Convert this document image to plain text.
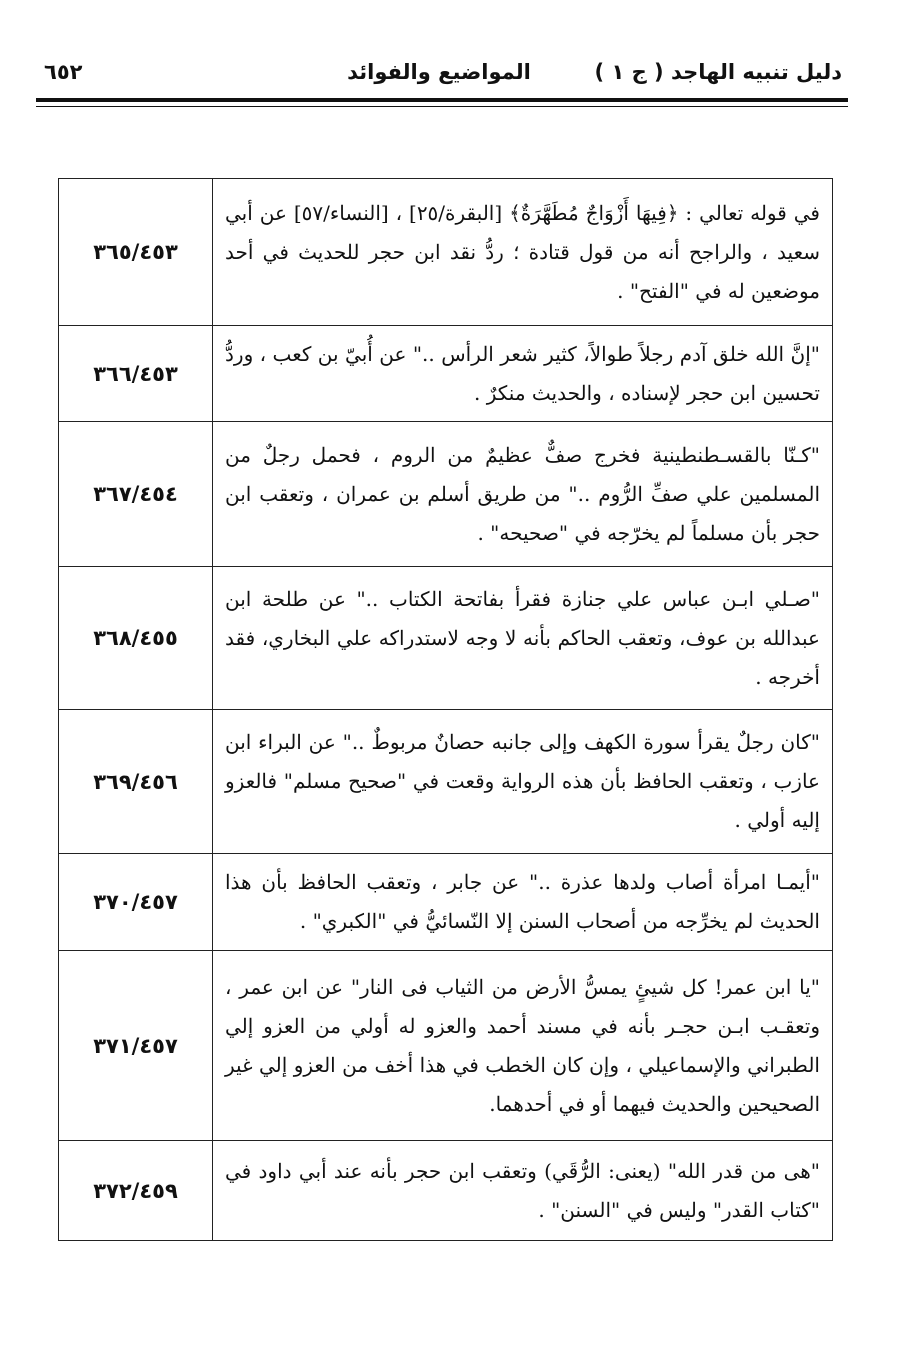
دليل تنبيه الهاجد ( ج ١ )
المواضيع والفوائد
٦٥٢
٣٦٥/٤٥٣	في قوله تعالي : ﴿فِيهَا أَزْوَاجٌ مُطَهَّرَةٌ﴾ [البقرة/٢٥] ، [النساء/٥٧] عن أبي سعيد ، والراجح أنه من قول قتادة ؛ ردُّ نقد ابن حجر للحديث في أحد موضعين له في "الفتح" .
٣٦٦/٤٥٣	"إنَّ الله خلق آدم رجلاً طوالاً، كثير شعر الرأس .." عن أُبيّ بن كعب ، وردُّ تحسين ابن حجر لإسناده ، والحديث منكرٌ .
٣٦٧/٤٥٤	"كـنّا بالقسـطنطينية فخرج صفٌّ عظيمٌ من الروم ، فحمل رجلٌ من المسلمين علي صفِّ الرُّوم .." من طريق أسلم بن عمران ، وتعقب ابن حجر بأن مسلماً لم يخرّجه في "صحيحه" .
٣٦٨/٤٥٥	"صـلي ابـن عباس علي جنازة فقرأ بفاتحة الكتاب .." عن طلحة ابن عبدالله بن عوف، وتعقب الحاكم بأنه لا وجه لاستدراكه علي البخاري، فقد أخرجه .
٣٦٩/٤٥٦	"كان رجلٌ يقرأ سورة الكهف وإلى جانبه حصانٌ مربوطٌ .." عن البراء ابن عازب ، وتعقب الحافظ بأن هذه الرواية وقعت في "صحيح مسلم" فالعزو إليه أولي .
٣٧٠/٤٥٧	"أيمـا امرأة أصاب ولدها عذرة .." عن جابر ، وتعقب الحافظ بأن هذا الحديث لم يخرِّجه من أصحاب السنن إلا النّسائيُّ في "الكبري" .
٣٧١/٤٥٧	"يا ابن عمر! كل شيئٍ يمسُّ الأرض من الثياب فى النار" عن ابن عمر ، وتعقـب ابـن حجـر بأنه في مسند أحمد والعزو له أولي من العزو إلي الطبراني والإسماعيلي ، وإن كان الخطب في هذا أخف من العزو إلي غير الصحيحين والحديث فيهما أو في أحدهما.
٣٧٢/٤٥٩	"هى من قدر الله" (يعنى: الرُّقَي) وتعقب ابن حجر بأنه عند أبي داود في "كتاب القدر" وليس في "السنن" .
